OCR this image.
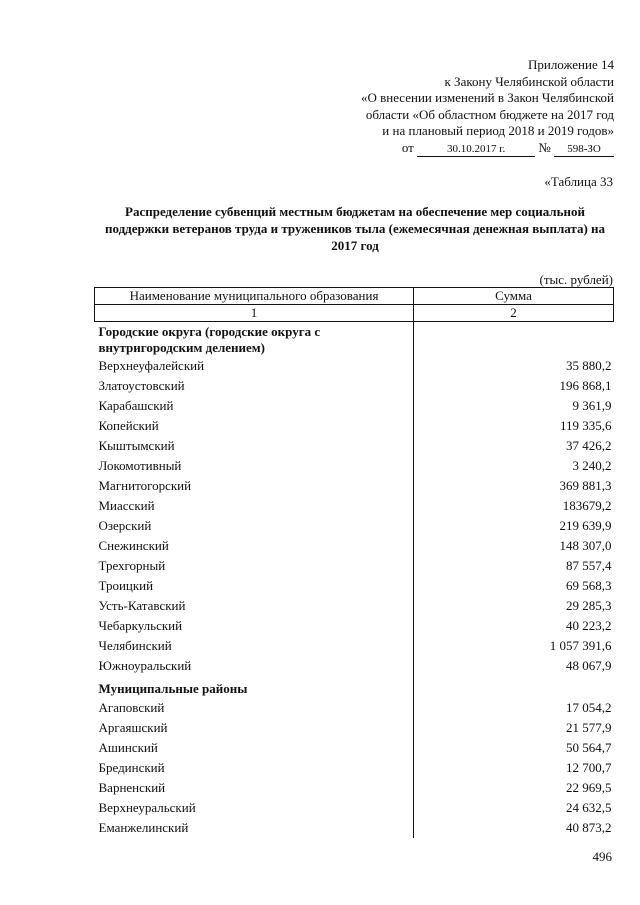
Приложение 14
к Закону Челябинской области
«О внесении изменений в Закон Челябинской
области «Об областном бюджете на 2017 год
и на плановый период 2018 и 2019 годов»
от	30.10.2017 г.	№ 598-ЗО
«Таблица 33
Распределение субвенций местным бюджетам на обеспечение мер социальной поддержки ветеранов труда и тружеников тыла (ежемесячная денежная выплата) на 2017 год
(тыс. рублей)
Наименование муниципального образования	Сумма
1	2
Городские округа (городские округа с внутригородским делением)	
Верхнеуфалейский	35 880,2
Златоустовский	196 868,1
Карабашский	9 361,9
Копейский	119 335,6
Кыштымский	37 426,2
Локомотивный	3 240,2
Магнитогорский	369 881,3
Миасский	183679,2
Озерский	219 639,9
Снежинский	148 307,0
Трехгорный	87 557,4
Троицкий	69 568,3
Усть-Катавский	29 285,3
Чебаркульский	40 223,2
Челябинский	1 057 391,6
Южноуральский	48 067,9
Муниципальные районы	
Агаповский	17 054,2
Аргаяшский	21 577,9
Ашинский	50 564,7
Брединский	12 700,7
Варненский	22 969,5
Верхнеуральский	24 632,5
Еманжелинский	40 873,2
496
